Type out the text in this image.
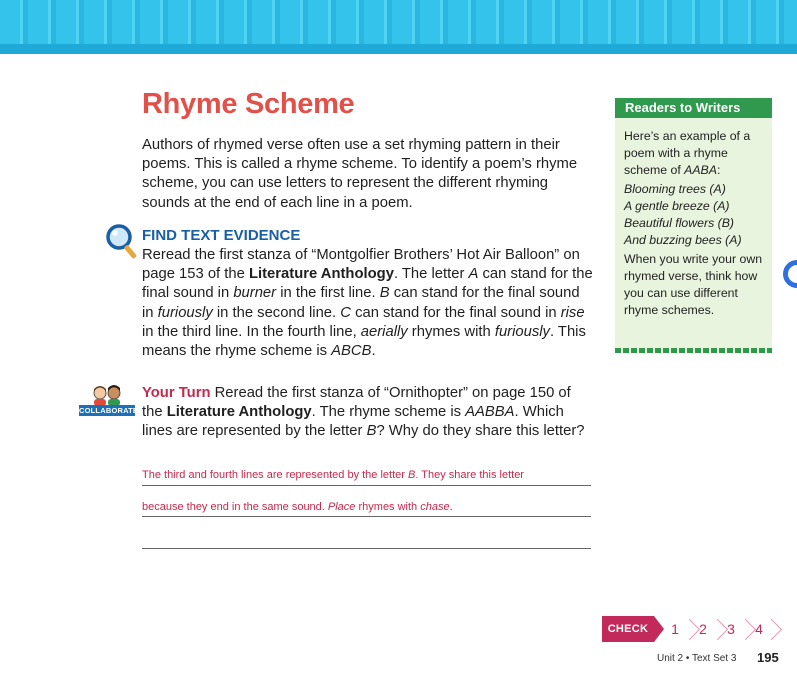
Rhyme Scheme

Authors of rhymed verse often use a set rhyming pattern in their poems. This is called a rhyme scheme. To identify a poem’s rhyme scheme, you can use letters to represent the different rhyming sounds at the end of each line in a poem.

FIND TEXT EVIDENCE

Reread the first stanza of “Montgolfier Brothers’ Hot Air Balloon” on page 153 of the Literature Anthology. The letter A can stand for the final sound in burner in the first line. B can stand for the final sound in furiously in the second line. C can stand for the final sound in rise in the third line. In the fourth line, aerially rhymes with furiously. This means the rhyme scheme is ABCB.

COLLABORATE

Your Turn Reread the first stanza of “Ornithopter” on page 150 of the Literature Anthology. The rhyme scheme is AABBA. Which lines are represented by the letter B? Why do they share this letter?

The third and fourth lines are represented by the letter B. They share this letter
because they end in the same sound. Place rhymes with chase.
Readers to Writers

Here’s an example of a poem with a rhyme scheme of AABA:

Blooming trees (A)
A gentle breeze (A)
Beautiful flowers (B)
And buzzing bees (A)

When you write your own rhymed verse, think how you can use different rhyme schemes.

CHECK IN
1	2	3	4
Unit 2 • Text Set 3 195
